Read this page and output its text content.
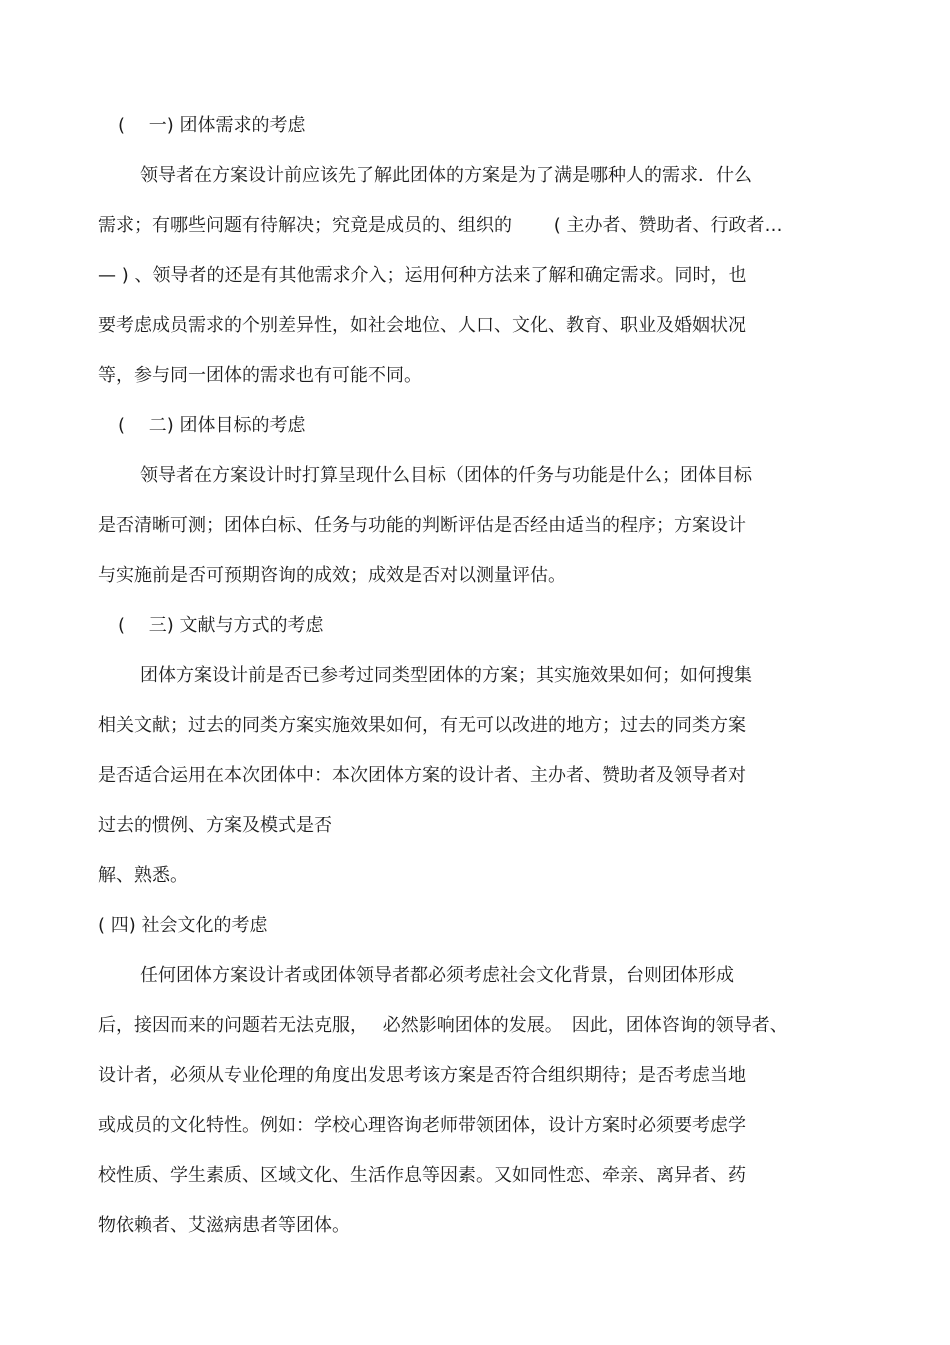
(　 一) 团体需求的考虑
领导者在方案设计前应该先了解此团体的方案是为了满是哪种人的需求．什么
需求；有哪些问题有待解决；究竟是成员的、组织的　　 ( 主办者、赞助者、行政者…
— ) 、领导者的还是有其他需求介入；运用何种方法来了解和确定需求。同时，也
要考虑成员需求的个别差异性，如社会地位、人口、文化、教育、职业及婚姻状况
等，参与同一团体的需求也有可能不同。
(　 二) 团体目标的考虑
领导者在方案设计时打算呈现什么目标（团体的仟务与功能是什么；团体目标
是否清晰可测；团体白标、任务与功能的判断评估是否经由适当的程序；方案设计
与实施前是否可预期咨询的成效；成效是否对以测量评估。
(　 三) 文献与方式的考虑
团体方案设计前是否已参考过同类型团体的方案；其实施效果如何；如何搜集
相关文献；过去的同类方案实施效果如何，有无可以改进的地方；过去的同类方案
是否适合运用在本次团体中：本次团体方案的设计者、主办者、赞助者及领导者对
过去的惯例、方案及模式是否
解、熟悉。
( 四) 社会文化的考虑
任何团体方案设计者或团体领导者都必须考虑社会文化背景，台则团体形成
后，接因而来的问题若无法克服，　 必然影响团体的发展。　因此，团体咨询的领导者、
设计者，必须从专业伦理的角度出发思考该方案是否符合组织期待；是否考虑当地
或成员的文化特性。例如：学校心理咨询老师带领团体，设计方案时必须要考虑学
校性质、学生素质、区域文化、生活作息等因素。又如同性恋、牵亲、离异者、药
物依赖者、艾滋病患者等团体。
